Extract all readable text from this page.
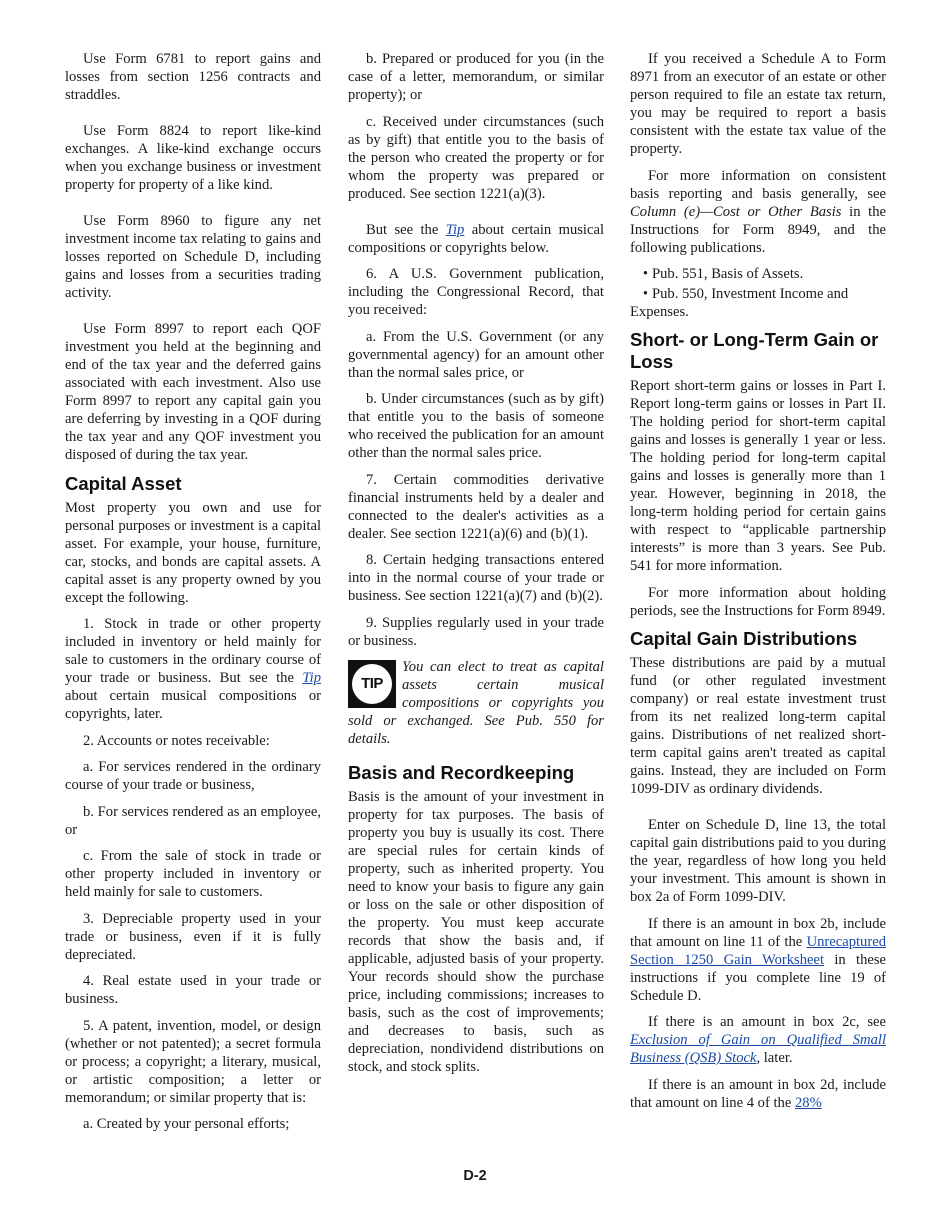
Use Form 6781 to report gains and losses from section 1256 contracts and straddles.

Use Form 8824 to report like-kind exchanges. A like-kind exchange occurs when you exchange business or investment property for property of a like kind.

Use Form 8960 to figure any net investment income tax relating to gains and losses reported on Schedule D, including gains and losses from a securities trading activity.

Use Form 8997 to report each QOF investment you held at the beginning and end of the tax year and the deferred gains associated with each investment. Also use Form 8997 to report any capital gain you are deferring by investing in a QOF during the tax year and any QOF investment you disposed of during the tax year.

Capital Asset

Most property you own and use for personal purposes or investment is a capital asset. For example, your house, furniture, car, stocks, and bonds are capital assets. A capital asset is any property owned by you except the following.

1. Stock in trade or other property included in inventory or held mainly for sale to customers in the ordinary course of your trade or business. But see the Tip about certain musical compositions or copyrights, later.

2. Accounts or notes receivable:

a. For services rendered in the ordinary course of your trade or business,

b. For services rendered as an employee, or

c. From the sale of stock in trade or other property included in inventory or held mainly for sale to customers.

3. Depreciable property used in your trade or business, even if it is fully depreciated.

4. Real estate used in your trade or business.

5. A patent, invention, model, or design (whether or not patented); a secret formula or process; a copyright; a literary, musical, or artistic composition; a letter or memorandum; or similar property that is:

a. Created by your personal efforts;

b. Prepared or produced for you (in the case of a letter, memorandum, or similar property); or

c. Received under circumstances (such as by gift) that entitle you to the basis of the person who created the property or for whom the property was prepared or produced. See section 1221(a)(3).

But see the Tip about certain musical compositions or copyrights below.

6. A U.S. Government publication, including the Congressional Record, that you received:

a. From the U.S. Government (or any governmental agency) for an amount other than the normal sales price, or

b. Under circumstances (such as by gift) that entitle you to the basis of someone who received the publication for an amount other than the normal sales price.

7. Certain commodities derivative financial instruments held by a dealer and connected to the dealer's activities as a dealer. See section 1221(a)(6) and (b)(1).

8. Certain hedging transactions entered into in the normal course of your trade or business. See section 1221(a)(7) and (b)(2).

9. Supplies regularly used in your trade or business.

TIP

You can elect to treat as capital assets certain musical compositions or copyrights you sold or exchanged. See Pub. 550 for details.

Basis and Recordkeeping

Basis is the amount of your investment in property for tax purposes. The basis of property you buy is usually its cost. There are special rules for certain kinds of property, such as inherited property. You need to know your basis to figure any gain or loss on the sale or other disposition of the property. You must keep accurate records that show the basis and, if applicable, adjusted basis of your property. Your records should show the purchase price, including commissions; increases to basis, such as the cost of improvements; and decreases to basis, such as depreciation, nondividend distributions on stock, and stock splits.

If you received a Schedule A to Form 8971 from an executor of an estate or other person required to file an estate tax return, you may be required to report a basis consistent with the estate tax value of the property.

For more information on consistent basis reporting and basis generally, see Column (e)—Cost or Other Basis in the Instructions for Form 8949, and the following publications.

• Pub. 551, Basis of Assets.

• Pub. 550, Investment Income and Expenses.

Short- or Long-Term Gain or Loss

Report short-term gains or losses in Part I. Report long-term gains or losses in Part II. The holding period for short-term capital gains and losses is generally 1 year or less. The holding period for long-term capital gains and losses is generally more than 1 year. However, beginning in 2018, the long-term holding period for certain gains with respect to “applicable partnership interests” is more than 3 years. See Pub. 541 for more information.

For more information about holding periods, see the Instructions for Form 8949.

Capital Gain Distributions

These distributions are paid by a mutual fund (or other regulated investment company) or real estate investment trust from its net realized long-term capital gains. Distributions of net realized short-term capital gains aren't treated as capital gains. Instead, they are included on Form 1099-DIV as ordinary dividends.

Enter on Schedule D, line 13, the total capital gain distributions paid to you during the year, regardless of how long you held your investment. This amount is shown in box 2a of Form 1099-DIV.

If there is an amount in box 2b, include that amount on line 11 of the Unrecaptured Section 1250 Gain Worksheet in these instructions if you complete line 19 of Schedule D.

If there is an amount in box 2c, see Exclusion of Gain on Qualified Small Business (QSB) Stock, later.

If there is an amount in box 2d, include that amount on line 4 of the 28%

D-2
